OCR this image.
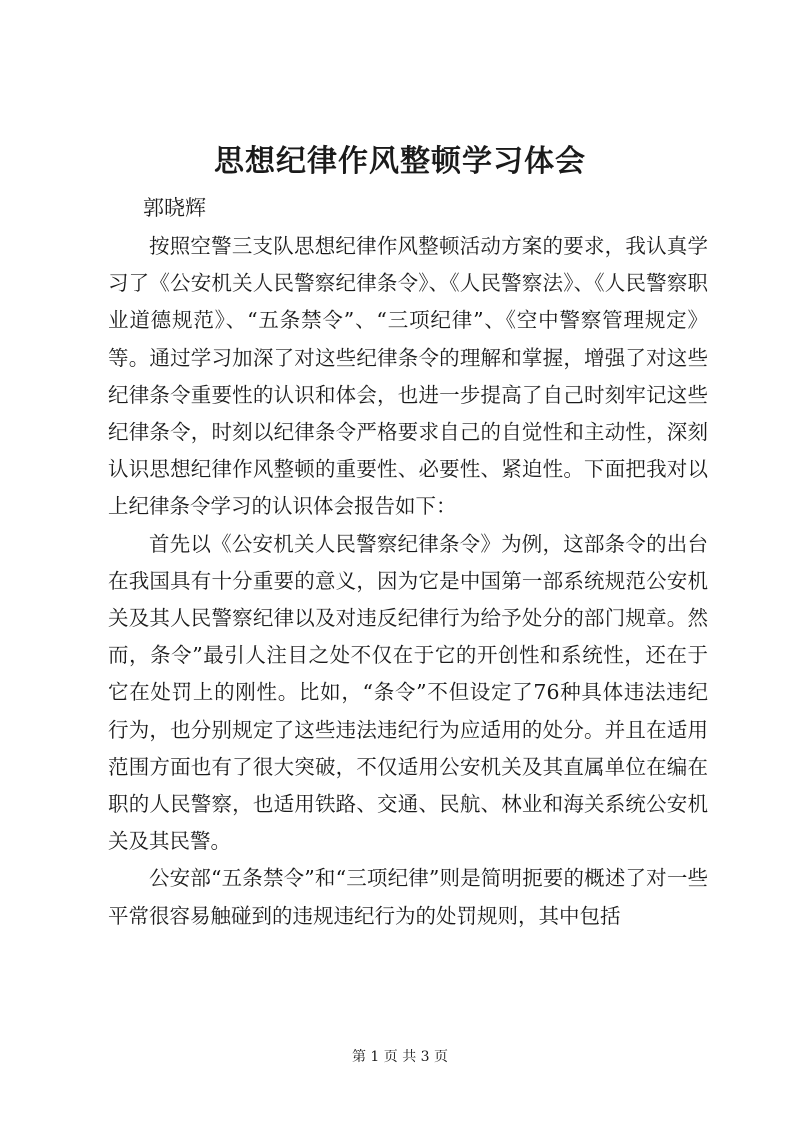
思想纪律作风整顿学习体会
郭晓辉

按照空警三支队思想纪律作风整顿活动方案的要求，我认真学习了《公安机关人民警察纪律条令》、《人民警察法》、《人民警察职业道德规范》、“五条禁令”、“三项纪律”、《空中警察管理规定》等。通过学习加深了对这些纪律条令的理解和掌握，增强了对这些纪律条令重要性的认识和体会，也进一步提高了自己时刻牢记这些纪律条令，时刻以纪律条令严格要求自己的自觉性和主动性，深刻认识思想纪律作风整顿的重要性、必要性、紧迫性。下面把我对以上纪律条令学习的认识体会报告如下：

首先以《公安机关人民警察纪律条令》为例，这部条令的出台在我国具有十分重要的意义，因为它是中国第一部系统规范公安机关及其人民警察纪律以及对违反纪律行为给予处分的部门规章。然而，条令”最引人注目之处不仅在于它的开创性和系统性，还在于它在处罚上的刚性。比如，“条令”不但设定了76种具体违法违纪行为，也分别规定了这些违法违纪行为应适用的处分。并且在适用范围方面也有了很大突破，不仅适用公安机关及其直属单位在编在职的人民警察，也适用铁路、交通、民航、林业和海关系统公安机关及其民警。

公安部“五条禁令”和“三项纪律”则是简明扼要的概述了对一些平常很容易触碰到的违规违纪行为的处罚规则，其中包括

第 1 页 共 3 页
